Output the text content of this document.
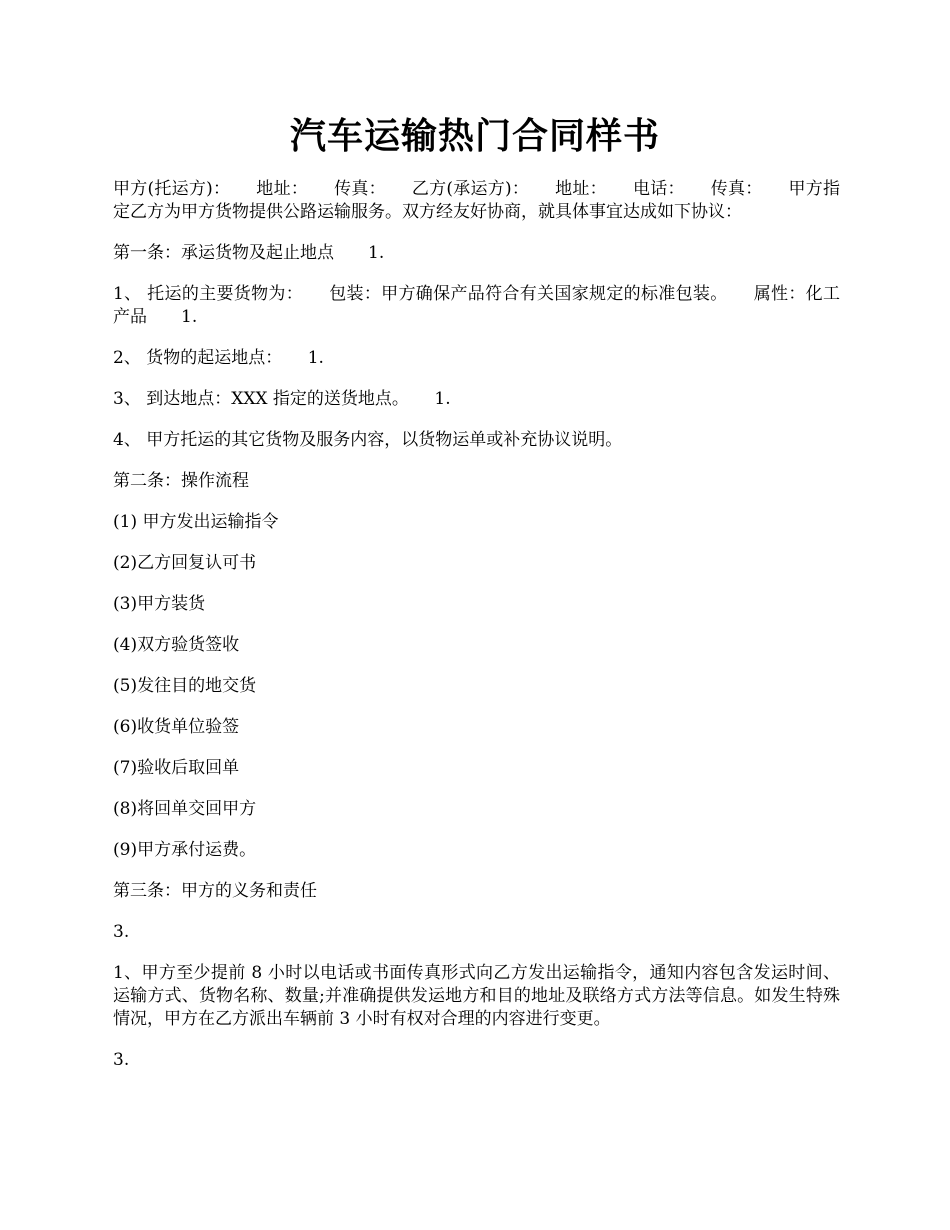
汽车运输热门合同样书

甲方(托运方)：　　地址：　　传真：　　乙方(承运方)：　　地址：　　电话：　　传真：　　甲方指定乙方为甲方货物提供公路运输服务。双方经友好协商，就具体事宜达成如下协议：

第一条：承运货物及起止地点　　1.

1、 托运的主要货物为：　　包装：甲方确保产品符合有关国家规定的标准包装。　　属性：化工产品　　1.

2、 货物的起运地点：　　1.

3、 到达地点：XXX 指定的送货地点。　　1.

4、 甲方托运的其它货物及服务内容，以货物运单或补充协议说明。

第二条：操作流程

(1) 甲方发出运输指令

(2)乙方回复认可书

(3)甲方装货

(4)双方验货签收

(5)发往目的地交货

(6)收货单位验签

(7)验收后取回单

(8)将回单交回甲方

(9)甲方承付运费。

第三条：甲方的义务和责任

3.

1、甲方至少提前 8 小时以电话或书面传真形式向乙方发出运输指令，通知内容包含发运时间、运输方式、货物名称、数量;并准确提供发运地方和目的地址及联络方式方法等信息。如发生特殊情况，甲方在乙方派出车辆前 3 小时有权对合理的内容进行变更。

3.
